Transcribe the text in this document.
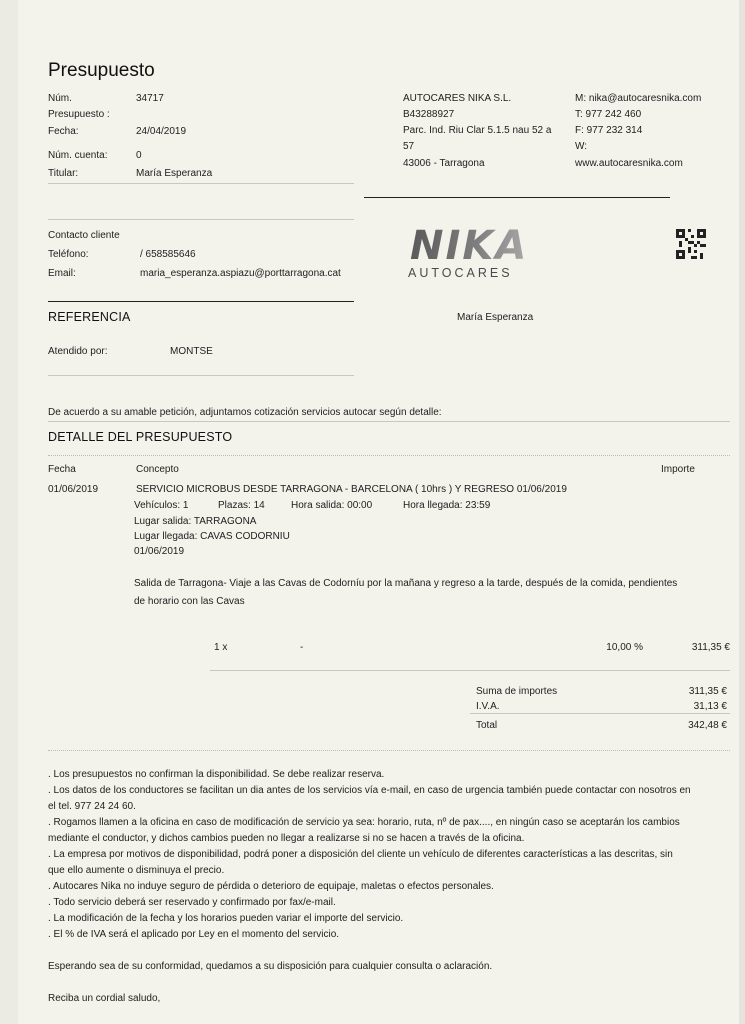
Presupuesto
Núm.
Presupuesto :
34717
Fecha:	24/04/2019
Núm. cuenta:	0
Titular:	María Esperanza
AUTOCARES NIKA S.L.
B43288927
Parc. Ind. Riu Clar 5.1.5 nau 52 a
57
43006 - Tarragona
M: nika@autocaresnika.com
T: 977 242 460
F: 977 232 314
W:
www.autocaresnika.com
Contacto cliente
Teléfono:	/ 658585646
Email:	maria_esperanza.aspiazu@porttarragona.cat
NIKA
AUTOCARES
REFERENCIA	María Esperanza
Atendido por:	MONTSE
De acuerdo a su amable petición, adjuntamos cotización servicios autocar según detalle:
DETALLE DEL PRESUPUESTO
Fecha	Concepto	Importe
01/06/2019	SERVICIO MICROBUS DESDE TARRAGONA - BARCELONA ( 10hrs ) Y REGRESO 01/06/2019
Vehículos: 1	Plazas: 14	Hora salida: 00:00	Hora llegada: 23:59
Lugar salida: TARRAGONA
Lugar llegada: CAVAS CODORNIU
01/06/2019
Salida de Tarragona- Viaje a las Cavas de Codorníu por la mañana y regreso a la tarde, después de la comida, pendientes
de horario con las Cavas
1 x	-	10,00 %	311,35 €
Suma de importes	311,35 €
I.V.A.	31,13 €
Total	342,48 €
. Los presupuestos no confirman la disponibilidad. Se debe realizar reserva.
. Los datos de los conductores se facilitan un dia antes de los servicios vía e-mail, en caso de urgencia también puede contactar con nosotros en
el tel. 977 24 24 60.
. Rogamos llamen a la oficina en caso de modificación de servicio ya sea: horario, ruta, nº de pax...., en ningún caso se aceptarán los cambios
mediante el conductor, y dichos cambios pueden no llegar a realizarse si no se hacen a través de la oficina.
. La empresa por motivos de disponibilidad, podrá poner a disposición del cliente un vehículo de diferentes características a las descritas, sin
que ello aumente o disminuya el precio.
. Autocares Nika no induye seguro de pérdida o deterioro de equipaje, maletas o efectos personales.
. Todo servicio deberá ser reservado y confirmado por fax/e-mail.
. La modificación de la fecha y los horarios pueden variar el importe del servicio.
. El % de IVA será el aplicado por Ley en el momento del servicio.
Esperando sea de su conformidad, quedamos a su disposición para cualquier consulta o aclaración.
Reciba un cordial saludo,
